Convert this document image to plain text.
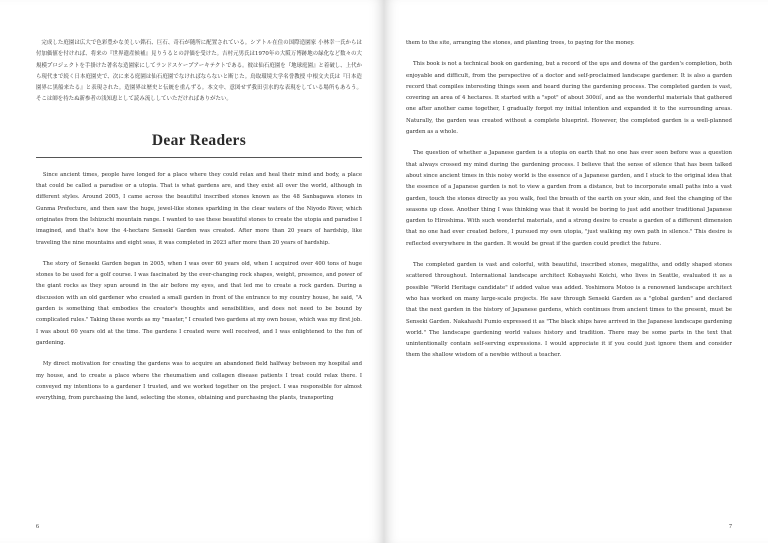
完成した庭園は広大で色彩豊かな美しい銘石、巨石、奇石が随所に配置されている。シアトル在住の国際造園家 小林幸一氏からは付加価値を付ければ、将来の『世界遺産候補』見りうるとの評価を受けた。吉村元男氏は1970年の大阪万博跡地の緑化など数々の大規模プロジェクトを手掛けた著名な造園家にしてランドスケープアーキテクトである。彼は仙石庭園を『地球庭園』と着破し、上代から現代まで続く日本庭園史で、次に来る庭園は仙石庭園でなければならないと断じた。鳥取環境大学名誉教授 中根文夫氏は『日本造園界に黒船来たる』と表現された。造園界は歴史と伝統を重んずる。本文中、意図せず我田引水的な表現をしている場所もあろう。そこは師を持たぬ新参者の浅知恵として読み流ししていただければありがたい。

Dear Readers

Since ancient times, people have longed for a place where they could relax and heal their mind and body, a place that could be called a paradise or a utopia. That is what gardens are, and they exist all over the world, although in different styles. Around 2005, I came across the beautiful inscribed stones known as the 48 Sanbagawa stones in Gunma Prefecture, and then saw the huge, jewel-like stones sparkling in the clear waters of the Niyodo River, which originates from the Ishizuchi mountain range. I wanted to use these beautiful stones to create the utopia and paradise I imagined, and that's how the 4-hectare Senseki Garden was created. After more than 20 years of hardship, like traveling the nine mountains and eight seas, it was completed in 2023 after more than 20 years of hardship.

The story of Senseki Garden began in 2005, when I was over 60 years old, when I acquired over 400 tons of huge stones to be used for a golf course. I was fascinated by the ever-changing rock shapes, weight, presence, and power of the giant rocks as they spun around in the air before my eyes, and that led me to create a rock garden. During a discussion with an old gardener who created a small garden in front of the entrance to my country house, he said, "A garden is something that embodies the creator's thoughts and sensibilities, and does not need to be bound by complicated rules." Taking these words as my "master," I created two gardens at my own house, which was my first job. I was about 60 years old at the time. The gardens I created were well received, and I was enlightened to the fun of gardening.

My direct motivation for creating the gardens was to acquire an abandoned field halfway between my hospital and my house, and to create a place where the rheumatism and collagen disease patients I treat could relax there. I conveyed my intentions to a gardener I trusted, and we worked together on the project. I was responsible for almost everything, from purchasing the land, selecting the stones, obtaining and purchasing the plants, transporting

6

them to the site, arranging the stones, and planting trees, to paying for the money.

This book is not a technical book on gardening, but a record of the ups and downs of the garden's completion, both enjoyable and difficult, from the perspective of a doctor and self-proclaimed landscape gardener. It is also a garden record that compiles interesting things seen and heard during the gardening process. The completed garden is vast, covering an area of 4 hectares. It started with a "spot" of about 300㎡, and as the wonderful materials that gathered one after another came together, I gradually forgot my initial intention and expanded it to the surrounding areas. Naturally, the garden was created without a complete blueprint. However, the completed garden is a well-planned garden as a whole.

The question of whether a Japanese garden is a utopia on earth that no one has ever seen before was a question that always crossed my mind during the gardening process. I believe that the sense of silence that has been talked about since ancient times in this noisy world is the essence of a Japanese garden, and I stuck to the original idea that the essence of a Japanese garden is not to view a garden from a distance, but to incorporate small paths into a vast garden, touch the stones directly as you walk, feel the breath of the earth on your skin, and feel the changing of the seasons up close. Another thing I was thinking was that it would be boring to just add another traditional Japanese garden to Hiroshima. With such wonderful materials, and a strong desire to create a garden of a different dimension that no one had ever created before, I pursued my own utopia, "just walking my own path in silence." This desire is reflected everywhere in the garden. It would be great if the garden could predict the future.

The completed garden is vast and colorful, with beautiful, inscribed stones, megaliths, and oddly shaped stones scattered throughout. International landscape architect Kobayashi Koichi, who lives in Seattle, evaluated it as a possible "World Heritage candidate" if added value was added. Yoshimora Motoo is a renowned landscape architect who has worked on many large-scale projects. He saw through Senseki Garden as a "global garden" and declared that the next garden in the history of Japanese gardens, which continues from ancient times to the present, must be Senseki Garden. Nakahashi Fumio expressed it as "The black ships have arrived in the Japanese landscape gardening world." The landscape gardening world values history and tradition. There may be some parts in the text that unintentionally contain self-serving expressions. I would appreciate it if you could just ignore them and consider them the shallow wisdom of a newbie without a teacher.

7
